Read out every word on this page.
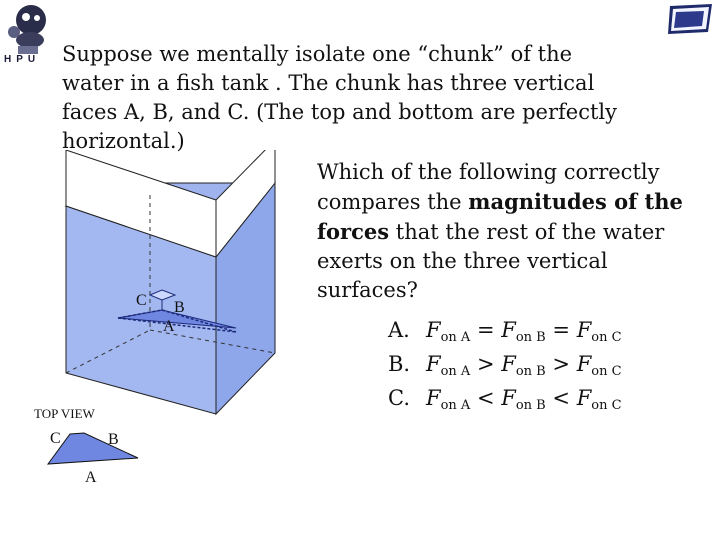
HPU	Suppose we mentally isolate one “chunk” of the water in a fish tank . The chunk has three vertical faces A, B, and C. (The top and bottom are perfectly horizontal.)
Which of the following correctly compares the magnitudes of the forces that the rest of the water exerts on the three vertical surfaces?
A. $F_{on A} = F_{on B} = F_{on C}$
B. $F_{on A} > F_{on B} > F_{on C}$
C. $F_{on A} < F_{on B} < F_{on C}$
C B
A
TOP VIEW
C	B
A
